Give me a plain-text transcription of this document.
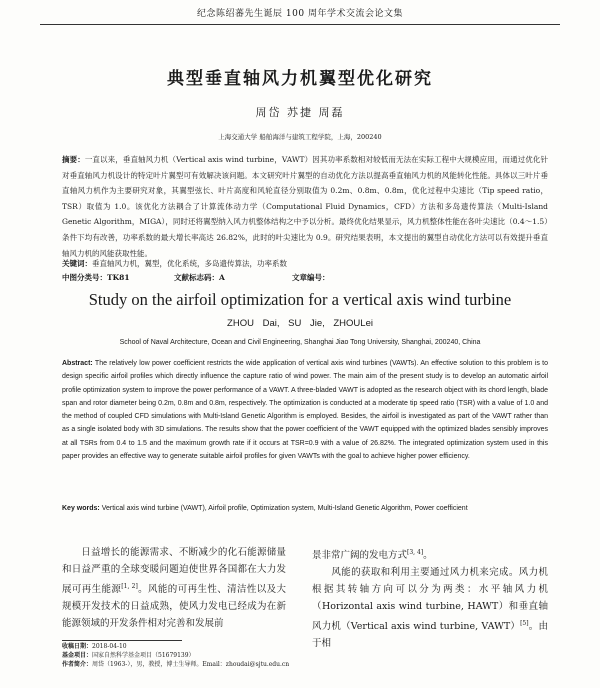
纪念陈绍蕃先生诞辰 100 周年学术交流会论文集
典型垂直轴风力机翼型优化研究
周岱 苏捷 周磊
上海交通大学 船舶海洋与建筑工程学院，上海，200240
摘要：一直以来，垂直轴风力机（Vertical axis wind turbine，VAWT）因其功率系数相对较低而无法在实际工程中大规模应用，而通过优化针对垂直轴风力机设计的特定叶片翼型可有效解决该问题。本文研究叶片翼型的自动优化方法以提高垂直轴风力机的风能转化性能。具体以三叶片垂直轴风力机作为主要研究对象，其翼型弦长、叶片高度和风轮直径分别取值为 0.2m、0.8m、0.8m，优化过程中尖速比（Tip speed ratio，TSR）取值为 1.0。该优化方法耦合了计算流体动力学（Computational Fluid Dynamics，CFD）方法和多岛遗传算法（Multi-Island Genetic Algorithm，MIGA），同时还将翼型纳入风力机整体结构之中予以分析。最终优化结果显示，风力机整体性能在各叶尖速比（0.4～1.5）条件下均有改善，功率系数的最大增长率高达 26.82%，此时的叶尖速比为 0.9。研究结果表明，本文提出的翼型自动优化方法可以有效提升垂直轴风力机的风能获取性能。
关键词：垂直轴风力机，翼型，优化系统，多岛遗传算法，功率系数
中图分类号：TK81	文献标志码：A	文章编号：
Study on the airfoil optimization for a vertical axis wind turbine
ZHOU Dai, SU Jie, ZHOULei
School of Naval Architecture, Ocean and Civil Engineering, Shanghai Jiao Tong University, Shanghai, 200240, China
Abstract: The relatively low power coefficient restricts the wide application of vertical axis wind turbines (VAWTs). An effective solution to this problem is to design specific airfoil profiles which directly influence the capture ratio of wind power. The main aim of the present study is to develop an automatic airfoil profile optimization system to improve the power performance of a VAWT. A three-bladed VAWT is adopted as the research object with its chord length, blade span and rotor diameter being 0.2m, 0.8m and 0.8m, respectively. The optimization is conducted at a moderate tip speed ratio (TSR) with a value of 1.0 and the method of coupled CFD simulations with Multi-Island Genetic Algorithm is employed. Besides, the airfoil is investigated as part of the VAWT rather than as a single isolated body with 3D simulations. The results show that the power coefficient of the VAWT equipped with the optimized blades sensibly improves at all TSRs from 0.4 to 1.5 and the maximum growth rate if it occurs at TSR=0.9 with a value of 26.82%. The integrated optimization system used in this paper provides an effective way to generate suitable airfoil profiles for given VAWTs with the goal to achieve higher power efficiency.
Key words: Vertical axis wind turbine (VAWT), Airfoil profile, Optimization system, Multi-Island Genetic Algorithm, Power coefficient
日益增长的能源需求、不断减少的化石能源储量和日益严重的全球变暖问题迫使世界各国都在大力发展可再生能源[1, 2]。风能的可再生性、清洁性以及大规模开发技术的日益成熟，使风力发电已经成为在新能源领域的开发条件相对完善和发展前
景非常广阔的发电方式[3, 4]。
风能的获取和利用主要通过风力机来完成。风力机根据其转轴方向可以分为两类：水平轴风力机（Horizontal axis wind turbine, HAWT）和垂直轴风力机（Vertical axis wind turbine, VAWT）[5]。由于相
收稿日期：2018-04-10
基金项目：国家自然科学基金项目（51679139）
作者简介：周岱（1963-），男，教授，博士生导师。Email：zhoudai@sjtu.edu.cn
